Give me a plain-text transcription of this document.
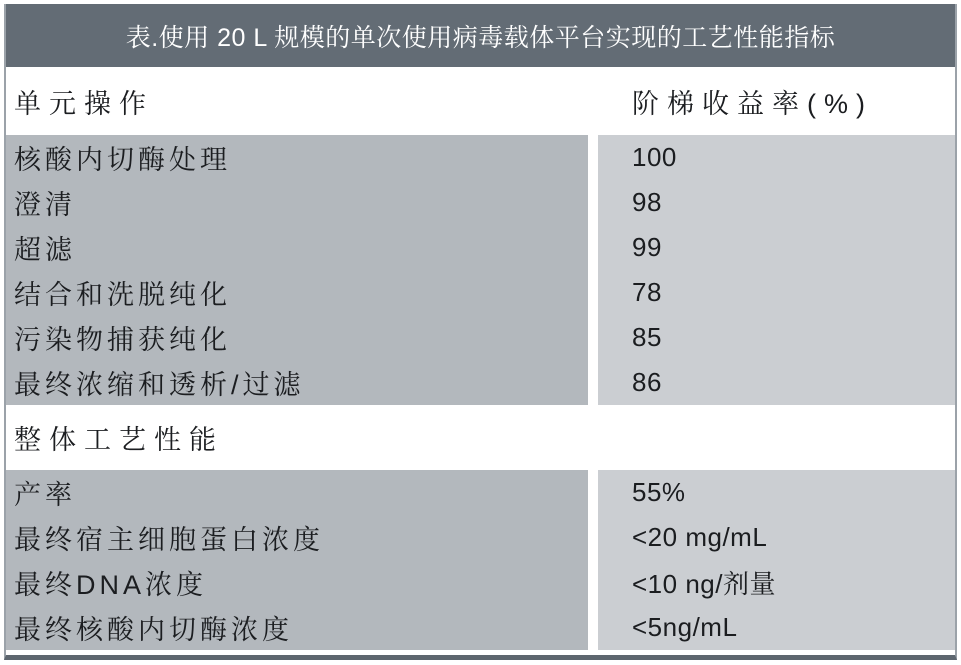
表.使用 20 L 规模的单次使用病毒载体平台实现的工艺性能指标
单元操作	阶梯收益率(%)
核酸内切酶处理	100
澄清	98
超滤	99
结合和洗脱纯化	78
污染物捕获纯化	85
最终浓缩和透析/过滤	86
整体工艺性能
产率	55%
最终宿主细胞蛋白浓度	<20 mg/mL
最终DNA浓度	<10 ng/剂量
最终核酸内切酶浓度	<5ng/mL
